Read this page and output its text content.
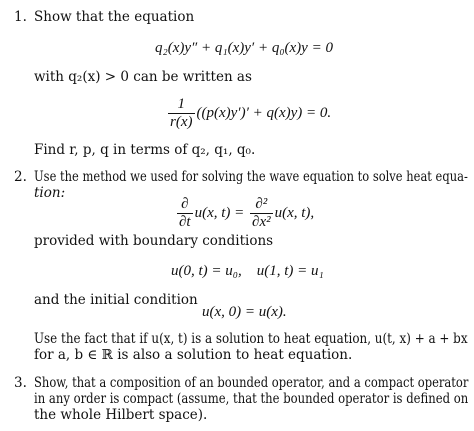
1. Show that the equation
q₂(x)y″ + q₁(x)y′ + q₀(x)y = 0
with q₂(x) > 0 can be written as
$\frac{1}{r(x)} ((p(x)y')' + q(x)y) = 0$.
Find r, p, q in terms of q₂, q₁, q₀.
2. Use the method we used for solving the wave equation to solve heat equa-
tion:
$\frac{\partial}{\partial t} u(x$, $t) = \frac{\text{∂²}}{\text{∂x²}} u(x$, t),
provided with boundary conditions
u(0, t) = u₀,    u(1, t) = u₁
and the initial condition
u(x, 0) = u(x).
Use the fact that if u(x, t) is a solution to heat equation, u(t, x) + a + bx
for a, b ∈ ℝ is also a solution to heat equation.
3. Show, that a composition of an bounded operator, and a compact operator
in any order is compact (assume, that the bounded operator is defined on
the whole Hilbert space).
